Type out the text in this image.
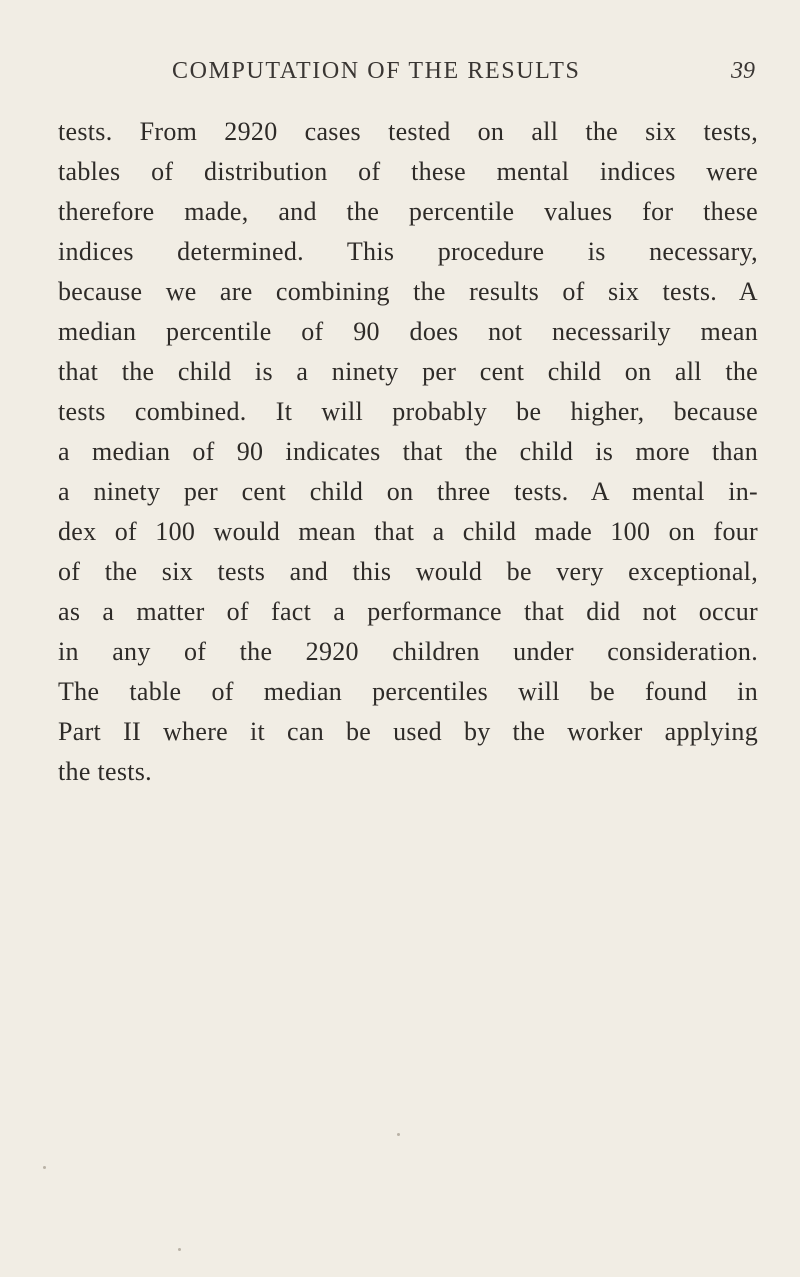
COMPUTATION OF THE RESULTS	39
tests. From 2920 cases tested on all the six tests,
tables of distribution of these mental indices were
therefore made, and the percentile values for these
indices determined. This procedure is necessary,
because we are combining the results of six tests. A
median percentile of 90 does not necessarily mean
that the child is a ninety per cent child on all the
tests combined. It will probably be higher, because
a median of 90 indicates that the child is more than
a ninety per cent child on three tests. A mental in-
dex of 100 would mean that a child made 100 on four
of the six tests and this would be very exceptional,
as a matter of fact a performance that did not occur
in any of the 2920 children under consideration.
The table of median percentiles will be found in
Part II where it can be used by the worker applying
the tests.
